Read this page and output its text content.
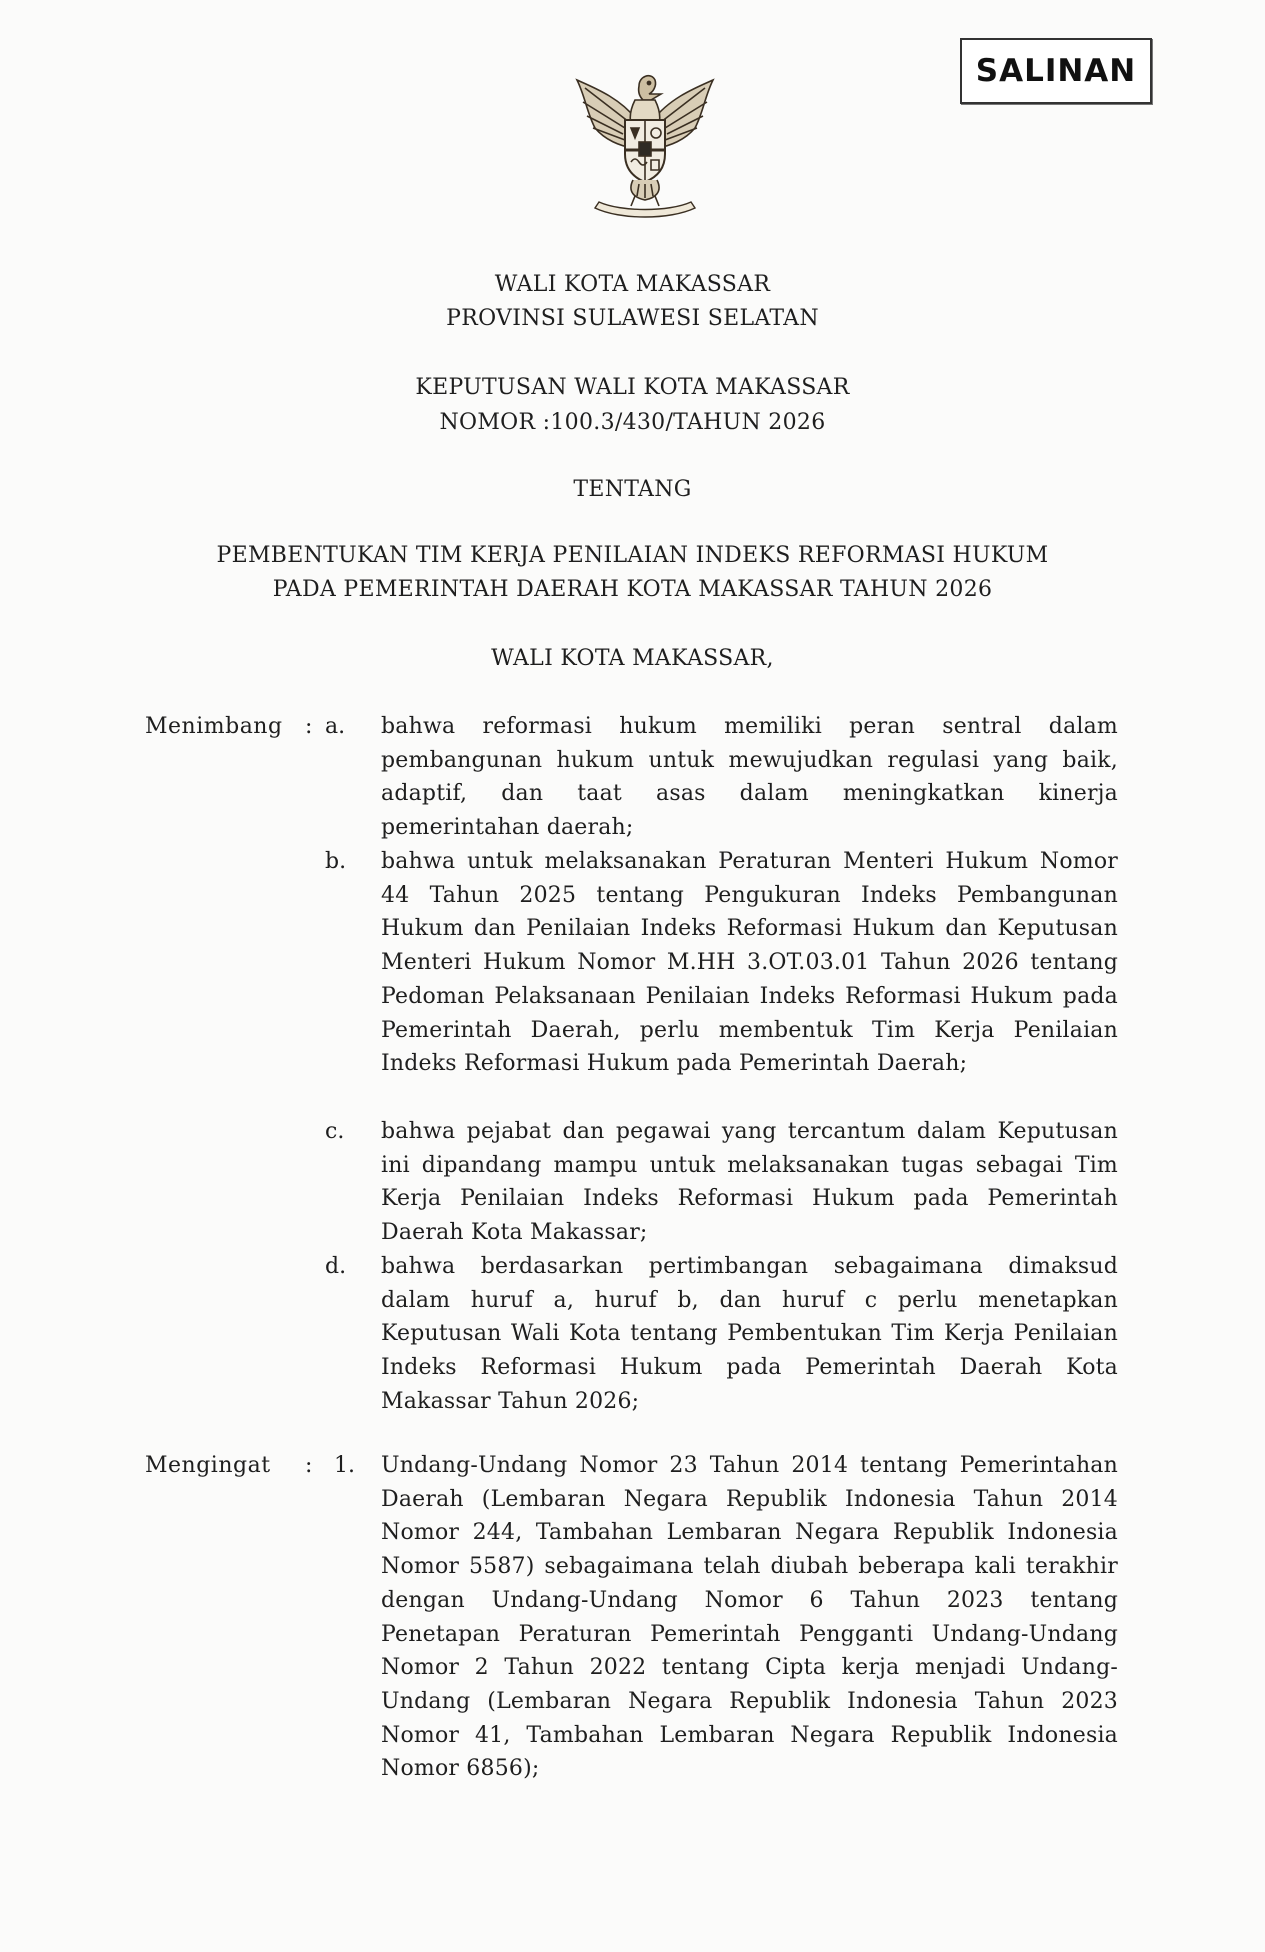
SALINAN
WALI KOTA MAKASSAR
PROVINSI SULAWESI SELATAN
KEPUTUSAN WALI KOTA MAKASSAR
NOMOR :100.3/430/TAHUN 2026
TENTANG
PEMBENTUKAN TIM KERJA PENILAIAN INDEKS REFORMASI HUKUM
PADA PEMERINTAH DAERAH KOTA MAKASSAR TAHUN 2026
WALI KOTA MAKASSAR,
Menimbang : a. bahwa reformasi hukum memiliki peran sentral dalam pembangunan hukum untuk mewujudkan regulasi yang baik, adaptif, dan taat asas dalam meningkatkan kinerja pemerintahan daerah;
b. bahwa untuk melaksanakan Peraturan Menteri Hukum Nomor 44 Tahun 2025 tentang Pengukuran Indeks Pembangunan Hukum dan Penilaian Indeks Reformasi Hukum dan Keputusan Menteri Hukum Nomor M.HH 3.OT.03.01 Tahun 2026 tentang Pedoman Pelaksanaan Penilaian Indeks Reformasi Hukum pada Pemerintah Daerah, perlu membentuk Tim Kerja Penilaian Indeks Reformasi Hukum pada Pemerintah Daerah;
c. bahwa pejabat dan pegawai yang tercantum dalam Keputusan ini dipandang mampu untuk melaksanakan tugas sebagai Tim Kerja Penilaian Indeks Reformasi Hukum pada Pemerintah Daerah Kota Makassar;
d. bahwa berdasarkan pertimbangan sebagaimana dimaksud dalam huruf a, huruf b, dan huruf c perlu menetapkan Keputusan Wali Kota tentang Pembentukan Tim Kerja Penilaian Indeks Reformasi Hukum pada Pemerintah Daerah Kota Makassar Tahun 2026;
Mengingat : 1. Undang-Undang Nomor 23 Tahun 2014 tentang Pemerintahan Daerah (Lembaran Negara Republik Indonesia Tahun 2014 Nomor 244, Tambahan Lembaran Negara Republik Indonesia Nomor 5587) sebagaimana telah diubah beberapa kali terakhir dengan Undang-Undang Nomor 6 Tahun 2023 tentang Penetapan Peraturan Pemerintah Pengganti Undang-Undang Nomor 2 Tahun 2022 tentang Cipta kerja menjadi Undang-Undang (Lembaran Negara Republik Indonesia Tahun 2023 Nomor 41, Tambahan Lembaran Negara Republik Indonesia Nomor 6856);
